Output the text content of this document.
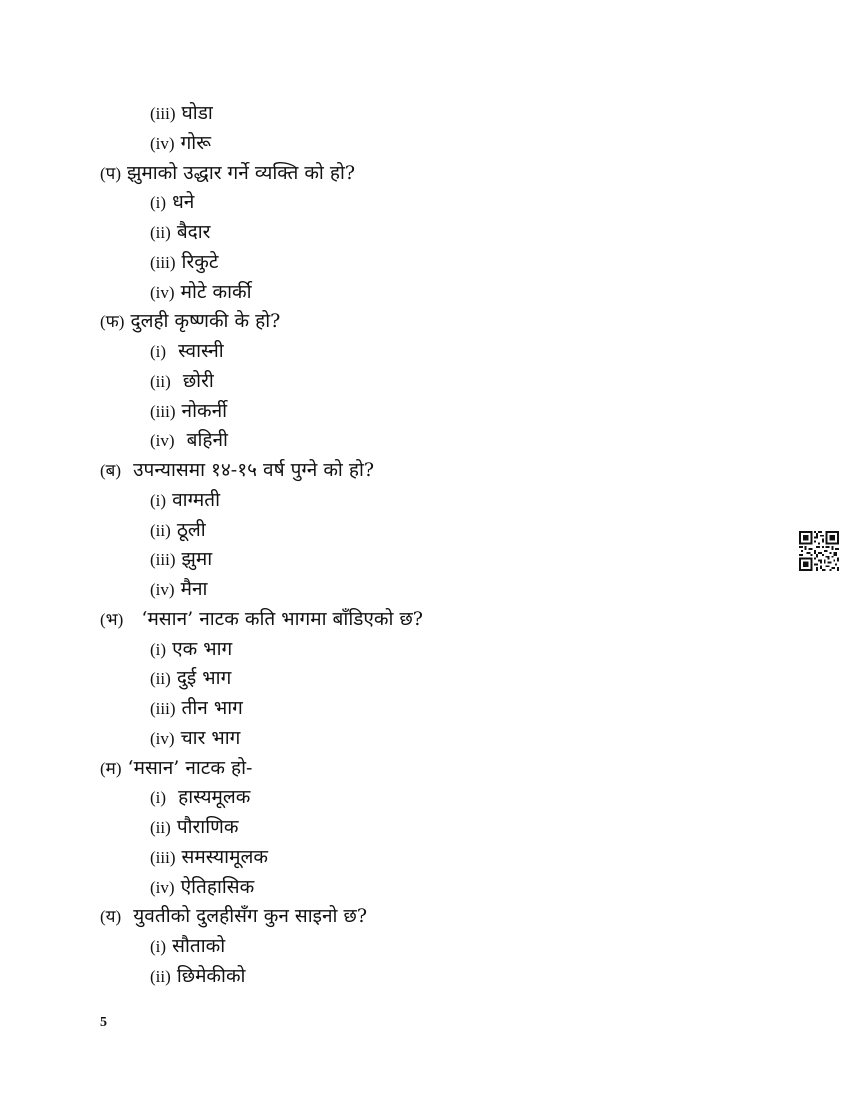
(iii) घोडा
(iv) गोरू
(प) झुमाको उद्धार गर्ने व्यक्ति को हो?
(i) धने
(ii) बैदार
(iii) रिकुटे
(iv) मोटे कार्की
(फ) दुलही कृष्णकी के हो?
(i)  स्वास्नी
(ii)  छोरी
(iii) नोकर्नी
(iv)  बहिनी
(ब)  उपन्यासमा १४-१५ वर्ष पुग्ने को हो?
(i) वाग्मती
(ii) ठूली
(iii) झुमा
(iv) मैना
(भ)   ‘मसान’ नाटक कति भागमा बाँडिएको छ?
(i) एक भाग
(ii) दुई भाग
(iii) तीन भाग
(iv) चार भाग
(म) ‘मसान’ नाटक हो-
(i)  हास्यमूलक
(ii) पौराणिक
(iii) समस्यामूलक
(iv) ऐतिहासिक
(य)  युवतीको दुलहीसँग कुन साइनो छ?
(i) सौताको
(ii) छिमेकीको
5
